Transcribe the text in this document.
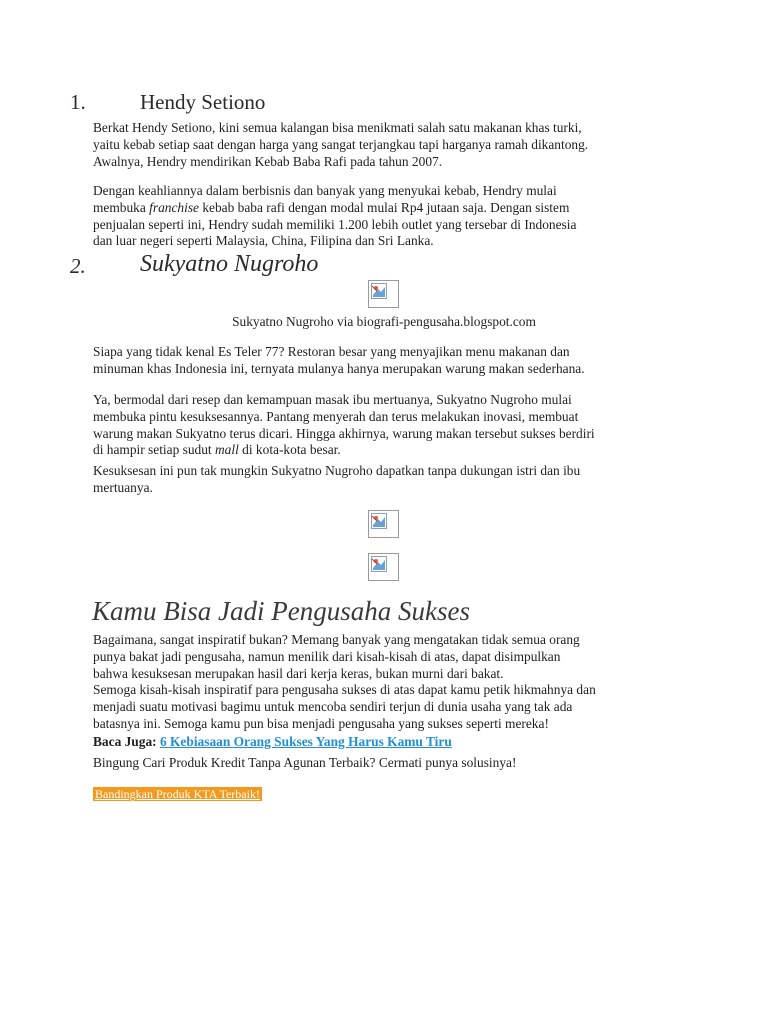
1.	Hendy Setiono
Berkat Hendy Setiono, kini semua kalangan bisa menikmati salah satu makanan khas turki,
yaitu kebab setiap saat dengan harga yang sangat terjangkau tapi harganya ramah dikantong.
Awalnya, Hendry mendirikan Kebab Baba Rafi pada tahun 2007.
Dengan keahliannya dalam berbisnis dan banyak yang menyukai kebab, Hendry mulai
membuka franchise kebab baba rafi dengan modal mulai Rp4 jutaan saja. Dengan sistem
penjualan seperti ini, Hendry sudah memiliki 1.200 lebih outlet yang tersebar di Indonesia
dan luar negeri seperti Malaysia, China, Filipina dan Sri Lanka.
2. Sukyatno Nugroho
Sukyatno Nugroho via biografi-pengusaha.blogspot.com
Siapa yang tidak kenal Es Teler 77? Restoran besar yang menyajikan menu makanan dan
minuman khas Indonesia ini, ternyata mulanya hanya merupakan warung makan sederhana.
Ya, bermodal dari resep dan kemampuan masak ibu mertuanya, Sukyatno Nugroho mulai
membuka pintu kesuksesannya. Pantang menyerah dan terus melakukan inovasi, membuat
warung makan Sukyatno terus dicari. Hingga akhirnya, warung makan tersebut sukses berdiri
di hampir setiap sudut mall di kota-kota besar.
Kesuksesan ini pun tak mungkin Sukyatno Nugroho dapatkan tanpa dukungan istri dan ibu
mertuanya.
Kamu Bisa Jadi Pengusaha Sukses
Bagaimana, sangat inspiratif bukan? Memang banyak yang mengatakan tidak semua orang
punya bakat jadi pengusaha, namun menilik dari kisah-kisah di atas, dapat disimpulkan
bahwa kesuksesan merupakan hasil dari kerja keras, bukan murni dari bakat.
Semoga kisah-kisah inspiratif para pengusaha sukses di atas dapat kamu petik hikmahnya dan
menjadi suatu motivasi bagimu untuk mencoba sendiri terjun di dunia usaha yang tak ada
batasnya ini. Semoga kamu pun bisa menjadi pengusaha yang sukses seperti mereka!
Baca Juga: 6 Kebiasaan Orang Sukses Yang Harus Kamu Tiru
Bingung Cari Produk Kredit Tanpa Agunan Terbaik? Cermati punya solusinya!
Bandingkan Produk KTA Terbaik!
